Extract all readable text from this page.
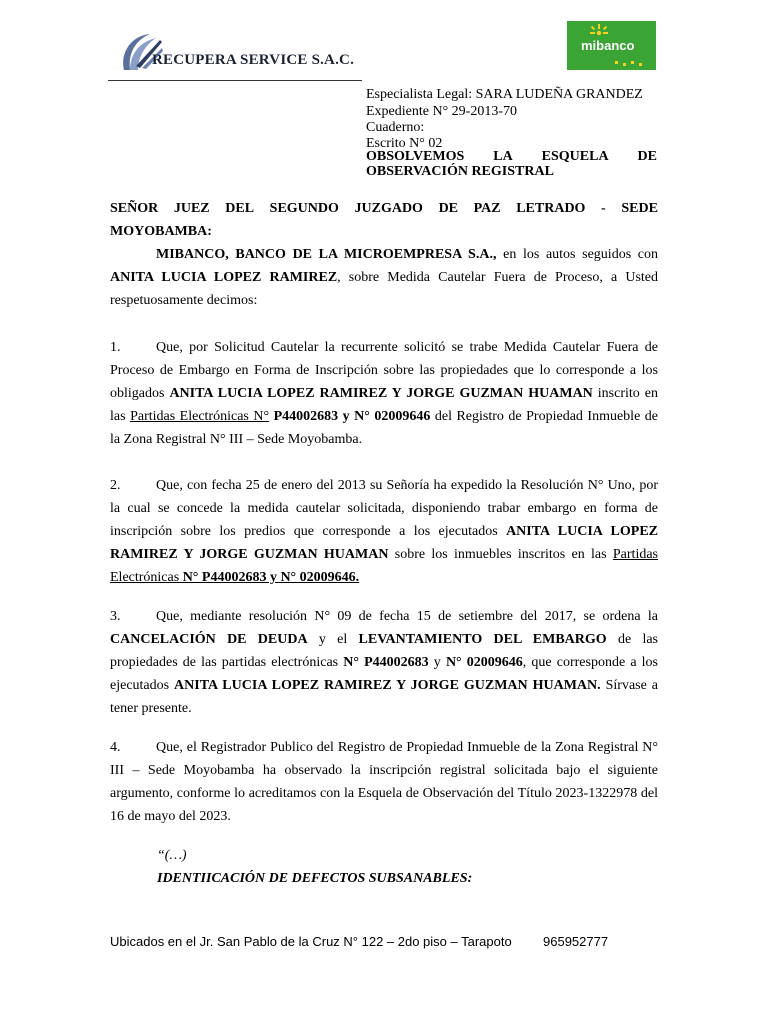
RECUPERA SERVICE S.A.C.
mibanco
Especialista Legal: SARA LUDEÑA GRANDEZ
Expediente N° 29-2013-70
Cuaderno:
Escrito N° 02
OBSOLVEMOS LA ESQUELA DE
OBSERVACIÓN REGISTRAL
SEÑOR JUEZ DEL SEGUNDO JUZGADO DE PAZ LETRADO - SEDE
MOYOBAMBA:

MIBANCO, BANCO DE LA MICROEMPRESA S.A., en los autos seguidos con ANITA LUCIA LOPEZ RAMIREZ, sobre Medida Cautelar Fuera de Proceso, a Usted respetuosamente decimos:

1.	Que, por Solicitud Cautelar la recurrente solicitó se trabe Medida Cautelar Fuera de Proceso de Embargo en Forma de Inscripción sobre las propiedades que lo corresponde a los obligados ANITA LUCIA LOPEZ RAMIREZ Y JORGE GUZMAN HUAMAN inscrito en las Partidas Electrónicas N° P44002683 y N° 02009646 del Registro de Propiedad Inmueble de la Zona Registral N° III – Sede Moyobamba.

2.	Que, con fecha 25 de enero del 2013 su Señoría ha expedido la Resolución N° Uno, por la cual se concede la medida cautelar solicitada, disponiendo trabar embargo en forma de inscripción sobre los predios que corresponde a los ejecutados ANITA LUCIA LOPEZ RAMIREZ Y JORGE GUZMAN HUAMAN sobre los inmuebles inscritos en las Partidas Electrónicas N° P44002683 y N° 02009646.

3.	Que, mediante resolución N° 09 de fecha 15 de setiembre del 2017, se ordena la CANCELACIÓN DE DEUDA y el LEVANTAMIENTO DEL EMBARGO de las propiedades de las partidas electrónicas N° P44002683 y N° 02009646, que corresponde a los ejecutados ANITA LUCIA LOPEZ RAMIREZ Y JORGE GUZMAN HUAMAN. Sírvase a tener presente.

4.	Que, el Registrador Publico del Registro de Propiedad Inmueble de la Zona Registral N° III – Sede Moyobamba ha observado la inscripción registral solicitada bajo el siguiente argumento, conforme lo acreditamos con la Esquela de Observación del Título 2023-1322978 del 16 de mayo del 2023.

“(…)
IDENTIICACIÓN DE DEFECTOS SUBSANABLES:
Ubicados en el Jr. San Pablo de la Cruz N° 122 – 2do piso – Tarapoto 965952777
